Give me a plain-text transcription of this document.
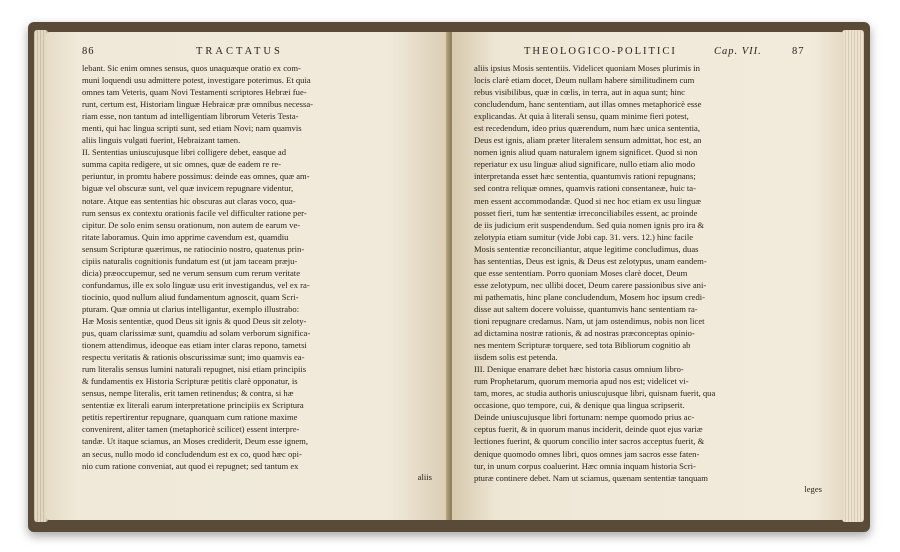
86	TRACTATUS
lebant. Sic enim omnes sensus, quos unaquæque oratio ex com-
muni loquendi usu admittere potest, investigare poterimus. Et quia
omnes tam Veteris, quam Novi Testamenti scriptores Hebræi fue-
runt, certum est, Historiam linguæ Hebraicæ præ omnibus necessa-
riam esse, non tantum ad intelligentiam librorum Veteris Testa-
menti, qui hac lingua scripti sunt, sed etiam Novi; nam quamvis
aliis linguis vulgati fuerint, Hebraizant tamen.
II. Sententias uniuscujusque libri colligere debet, easque ad
summa capita redigere, ut sic omnes, quæ de eadem re re-
periuntur, in promtu habere possimus: deinde eas omnes, quæ am-
biguæ vel obscuræ sunt, vel quæ invicem repugnare videntur,
notare. Atque eas sententias hic obscuras aut claras voco, qua-
rum sensus ex contextu orationis facile vel difficulter ratione per-
cipitur. De solo enim sensu orationum, non autem de earum ve-
ritate laboramus. Quin imo apprime cavendum est, quamdiu
sensum Scripturæ quærimus, ne ratiocinio nostro, quatenus prin-
cipiis naturalis cognitionis fundatum est (ut jam taceam præju-
dicia) præoccupemur, sed ne verum sensum cum rerum veritate
confundamus, ille ex solo linguæ usu erit investigandus, vel ex ra-
tiocinio, quod nullum aliud fundamentum agnoscit, quam Scri-
pturam. Quæ omnia ut clarius intelligantur, exemplo illustrabo:
Hæ Mosis sententiæ, quod Deus sit ignis & quod Deus sit zeloty-
pus, quam clarissimæ sunt, quamdiu ad solam verborum significa-
tionem attendimus, ideoque eas etiam inter claras repono, tametsi
respectu veritatis & rationis obscurissimæ sunt; imo quamvis ea-
rum literalis sensus lumini naturali repugnet, nisi etiam principiis
& fundamentis ex Historia Scripturæ petitis clarè opponatur, is
sensus, nempe literalis, erit tamen retinendus; & contra, si hæ
sententiæ ex literali earum interpretatione principiis ex Scriptura
petitis repertirentur repugnare, quanquam cum ratione maxime
convenirent, aliter tamen (metaphoricè scilicet) essent interpre-
tandæ. Ut itaque sciamus, an Moses crediderit, Deum esse ignem,
an secus, nullo modo id concludendum est ex co, quod hæc opi-
nio cum ratione conveniat, aut quod ei repugnet; sed tantum ex
aliis
THEOLOGICO-POLITICI	Cap. VII.	87
aliis ipsius Mosis sententiis. Videlicet quoniam Moses plurimis in
locis clarè etiam docet, Deum nullam habere similitudinem cum
rebus visibilibus, quæ in cœlis, in terra, aut in aqua sunt; hinc
concludendum, hanc sententiam, aut illas omnes metaphoricè esse
explicandas. At quia à literali sensu, quam minime fieri potest,
est recedendum, ideo prius quærendum, num hæc unica sententia,
Deus est ignis, aliam præter literalem sensum admittat, hoc est, an
nomen ignis aliud quam naturalem ignem significet. Quod si non
reperiatur ex usu linguæ aliud significare, nullo etiam alio modo
interpretanda esset hæc sententia, quantumvis rationi repugnans;
sed contra reliquæ omnes, quamvis rationi consentaneæ, huic ta-
men essent accommodandæ. Quod si nec hoc etiam ex usu linguæ
posset fieri, tum hæ sententiæ irreconciliabiles essent, ac proinde
de iis judicium erit suspendendum. Sed quia nomen ignis pro ira &
zelotypia etiam sumitur (vide Jobi cap. 31. vers. 12.) hinc facile
Mosis sententiæ reconciliantur, atque legitime concludimus, duas
has sententias, Deus est ignis, & Deus est zelotypus, unam eandem-
que esse sententiam. Porro quoniam Moses clarè docet, Deum
esse zelotypum, nec ullibi docet, Deum carere passionibus sive ani-
mi pathematis, hinc plane concludendum, Mosem hoc ipsum credi-
disse aut saltem docere voluisse, quantumvis hanc sententiam ra-
tioni repugnare credamus. Nam, ut jam ostendimus, nobis non licet
ad dictamina nostræ rationis, & ad nostras præconceptas opinio-
nes mentem Scripturæ torquere, sed tota Bibliorum cognitio ab
iisdem solis est petenda.
III. Denique enarrare debet hæc historia casus omnium libro-
rum Prophetarum, quorum memoria apud nos est; videlicet vi-
tam, mores, ac studia authoris uniuscujusque libri, quisnam fuerit, qua
occasione, quo tempore, cui, & denique qua lingua scripserit.
Deinde uniuscujusque libri fortunam: nempe quomodo prius ac-
ceptus fuerit, & in quorum manus inciderit, deinde quot ejus variæ
lectiones fuerint, & quorum concilio inter sacros acceptus fuerit, &
denique quomodo omnes libri, quos omnes jam sacros esse faten-
tur, in unum corpus coaluerint. Hæc omnia inquam historia Scri-
pturæ continere debet. Nam ut sciamus, quænam sententiæ tanquam
leges
